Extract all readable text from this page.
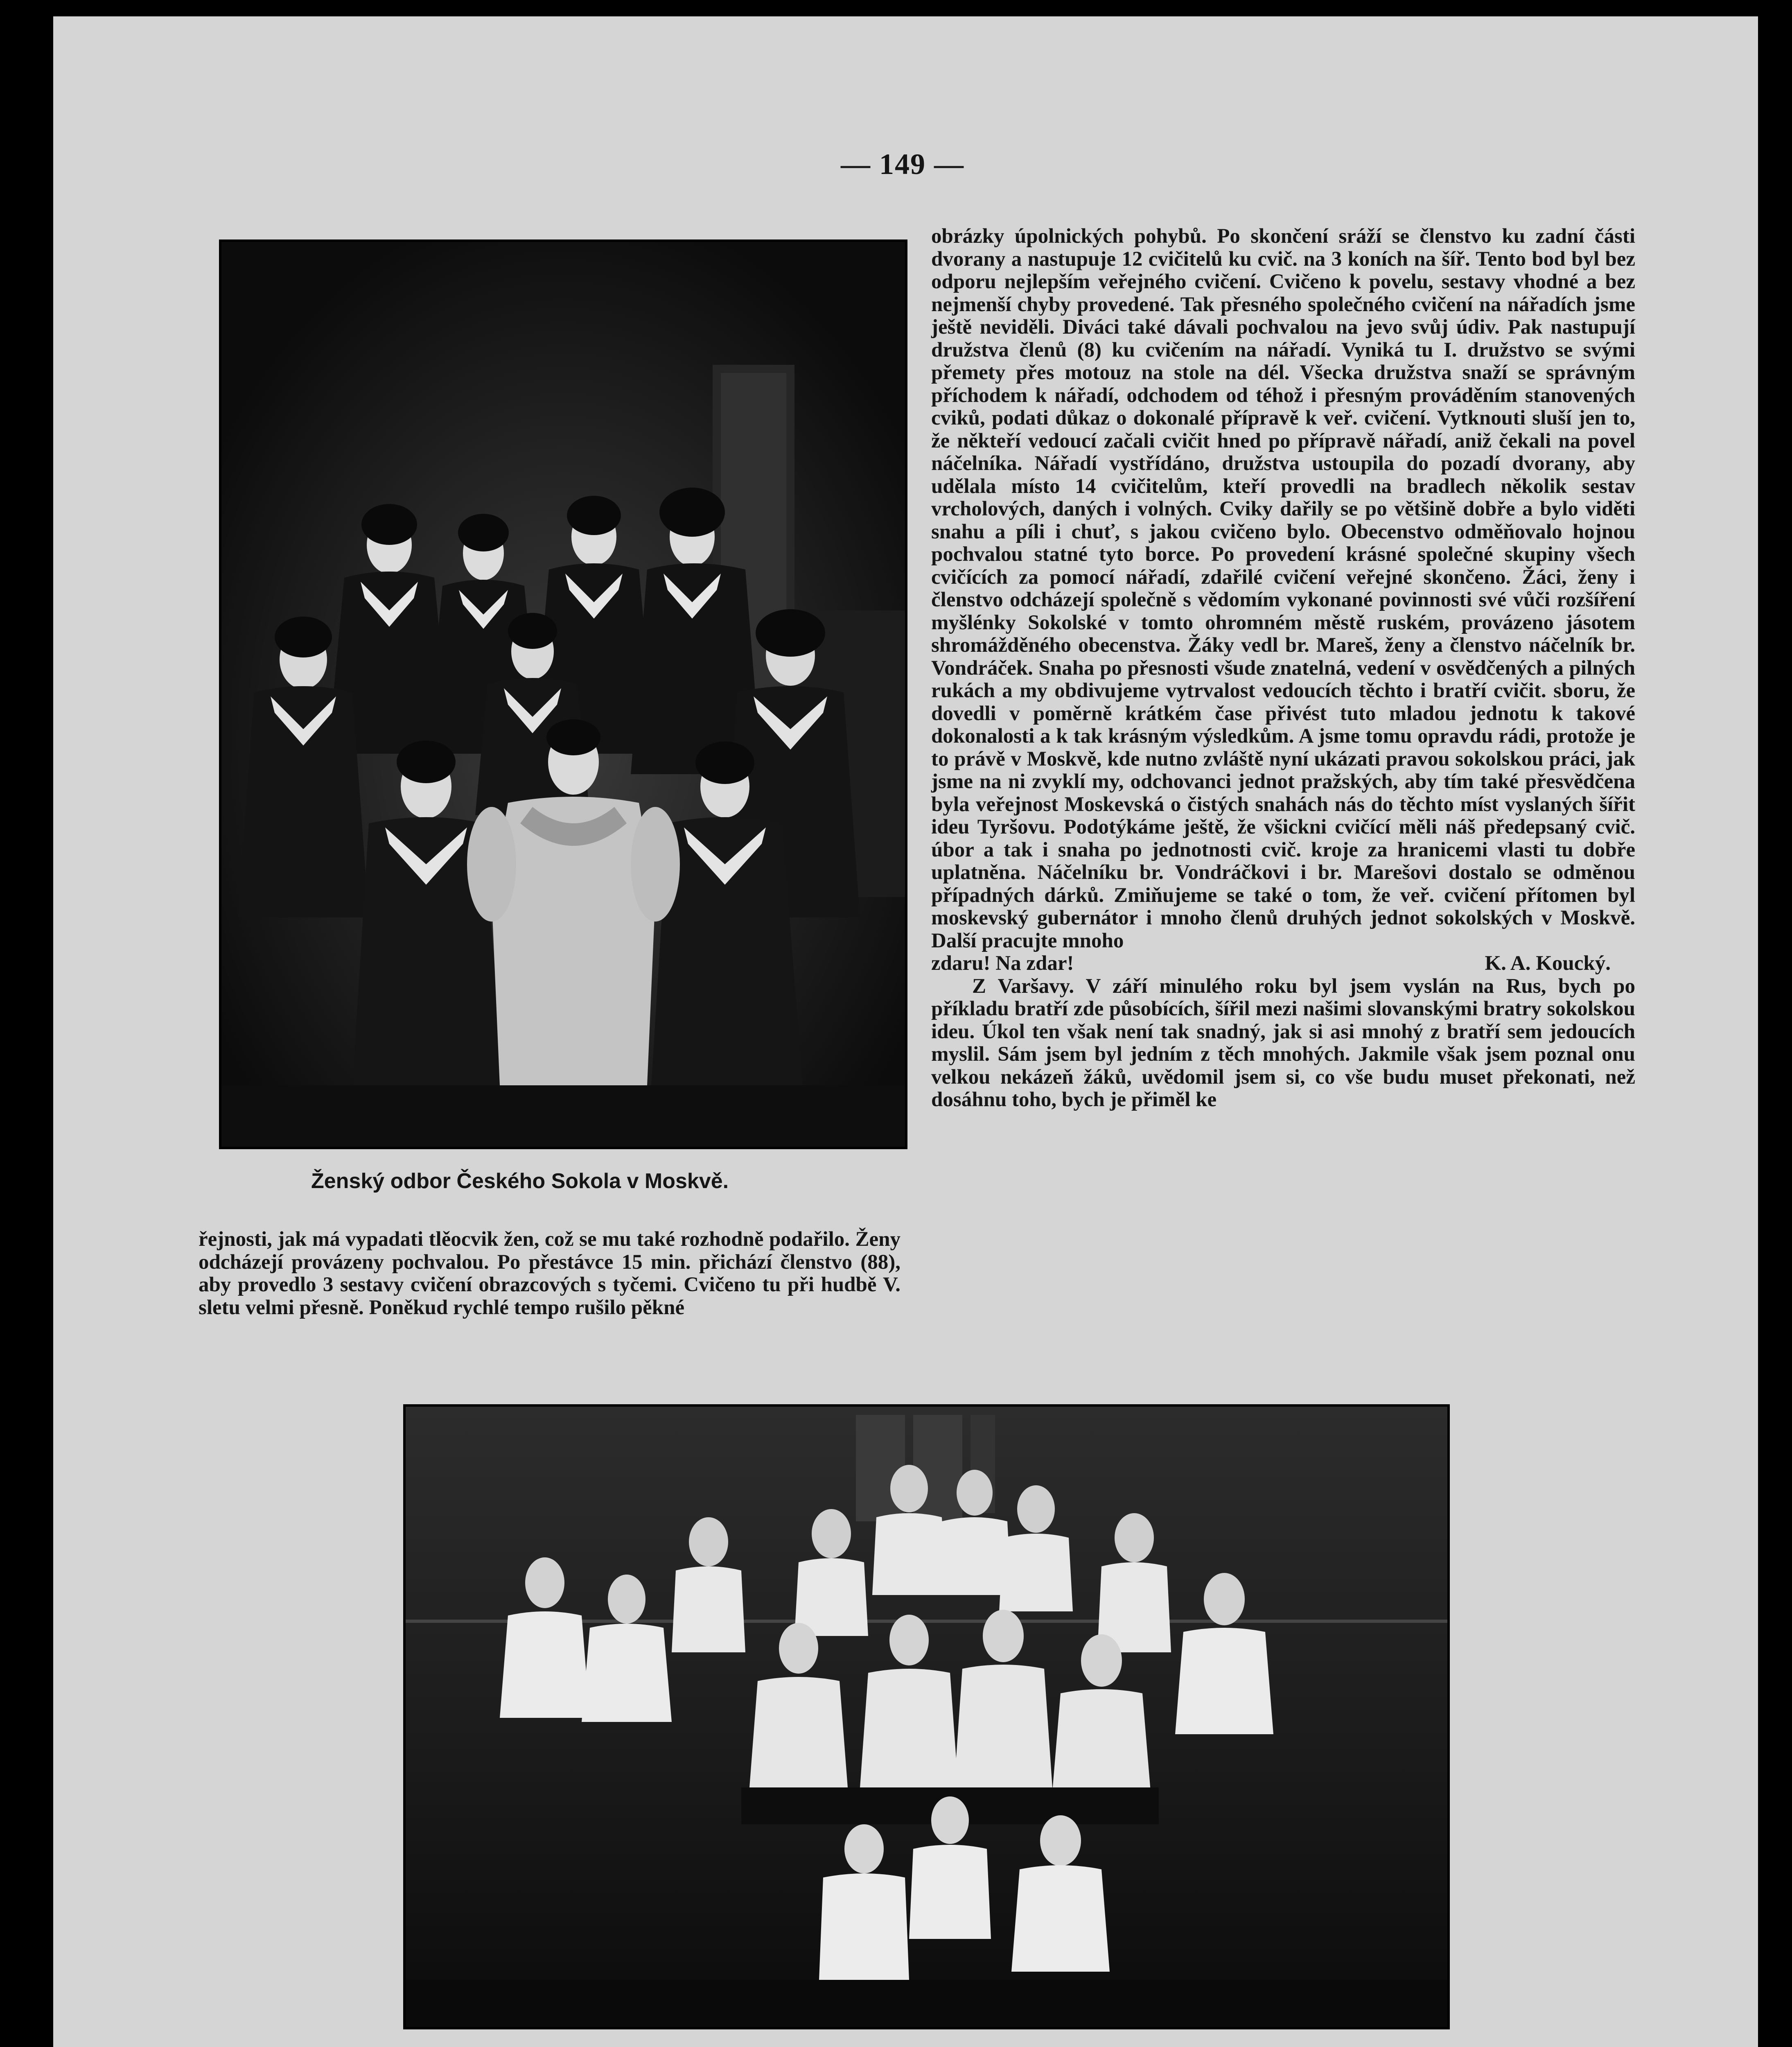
— 149 —
Ženský odbor Českého Sokola v Moskvě.

řejnosti, jak má vypadati tlěocvik žen, což se mu také rozhodně podařilo. Ženy odcházejí provázeny pochvalou. Po přestávce 15 min. přichází členstvo (88), aby provedlo 3 sestavy cvičení obrazcových s tyčemi. Cvičeno tu při hudbě V. sletu velmi přesně. Poněkud rychlé tempo rušilo pěkné

obrázky úpolnických pohybů. Po skončení sráží se členstvo ku zadní části dvorany a nastupuje 12 cvičitelů ku cvič. na 3 koních na šíř. Tento bod byl bez odporu nejlepším veřejného cvičení. Cvičeno k povelu, sestavy vhodné a bez nejmenší chyby provedené. Tak přesného společného cvičení na nářadích jsme ještě neviděli. Diváci také dávali pochvalou na jevo svůj údiv. Pak nastupují družstva členů (8) ku cvičením na nářadí. Vyniká tu I. družstvo se svými přemety přes motouz na stole na dél. Všecka družstva snaží se správným příchodem k nářadí, odchodem od téhož i přesným prováděním stanovených cviků, podati důkaz o dokonalé přípravě k veř. cvičení. Vytknouti sluší jen to, že někteří vedoucí začali cvičit hned po přípravě nářadí, aniž čekali na povel náčelníka. Nářadí vystřídáno, družstva ustoupila do pozadí dvorany, aby udělala místo 14 cvičitelům, kteří provedli na bradlech několik sestav vrcholových, daných i volných. Cviky dařily se po většině dobře a bylo viděti snahu a píli i chuť, s jakou cvičeno bylo. Obecenstvo odměňovalo hojnou pochvalou statné tyto borce. Po provedení krásné společné skupiny všech cvičících za pomocí nářadí, zdařilé cvičení veřejné skončeno. Žáci, ženy i členstvo odcházejí společně s vědomím vykonané povinnosti své vůči rozšíření myšlénky Sokolské v tomto ohromném městě ruském, provázeno jásotem shromážděného obecenstva. Žáky vedl br. Mareš, ženy a členstvo náčelník br. Vondráček. Snaha po přesnosti všude znatelná, vedení v osvědčených a pilných rukách a my obdivujeme vytrvalost vedoucích těchto i bratří cvičit. sboru, že dovedli v poměrně krátkém čase přivést tuto mladou jednotu k takové dokonalosti a k tak krásným výsledkům. A jsme tomu opravdu rádi, protože je to právě v Moskvě, kde nutno zvláště nyní ukázati pravou sokolskou práci, jak jsme na ni zvyklí my, odchovanci jednot pražských, aby tím také přesvědčena byla veřejnost Moskevská o čistých snahách nás do těchto míst vyslaných šířit ideu Tyršovu. Podotýkáme ještě, že všickni cvičící měli náš předepsaný cvič. úbor a tak i snaha po jednotnosti cvič. kroje za hranicemi vlasti tu dobře uplatněna. Náčelníku br. Vondráčkovi i br. Marešovi dostalo se odměnou případných dárků. Zmiňujeme se také o tom, že veř. cvičení přítomen byl moskevský gubernátor i mnoho členů druhých jednot sokolských v Moskvě. Další pracujte mnoho

zdaru! Na zdar!	K. A. Koucký.

Z Varšavy. V září minulého roku byl jsem vyslán na Rus, bych po příkladu bratří zde působících, šířil mezi našimi slovanskými bratry sokolskou ideu. Úkol ten však není tak snadný, jak si asi mnohý z bratří sem jedoucích myslil. Sám jsem byl jedním z těch mnohých. Jakmile však jsem poznal onu velkou nekázeň žáků, uvědomil jsem si, co vše budu muset překonati, než dosáhnu toho, bych je přiměl ke
